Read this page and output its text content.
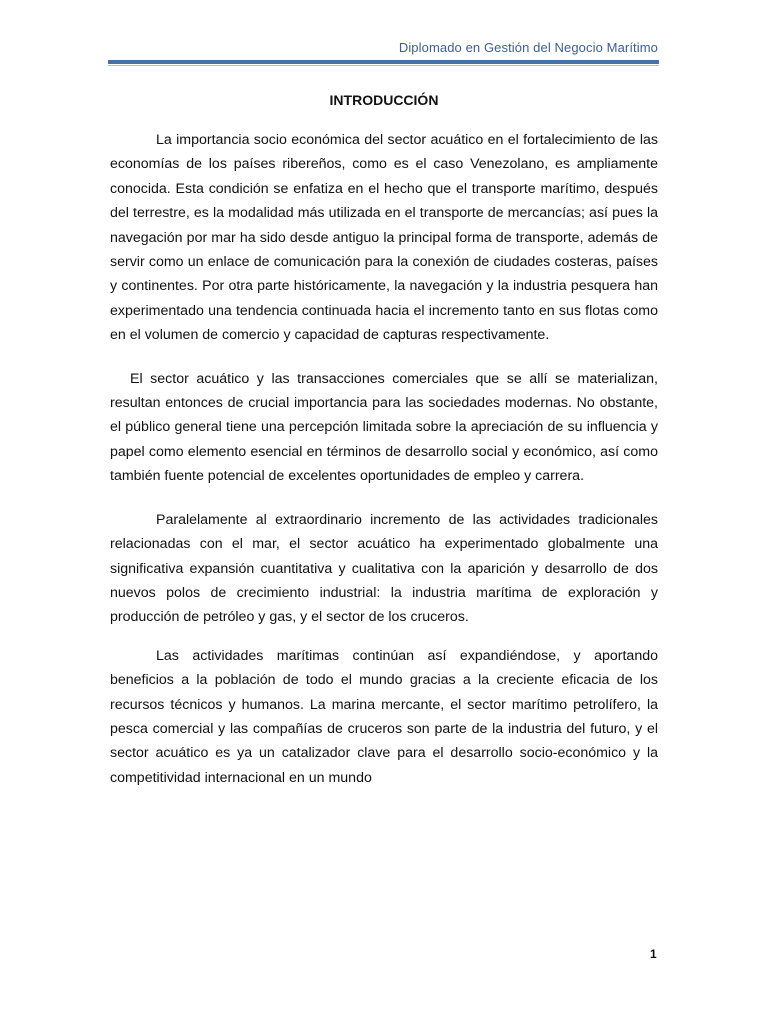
Diplomado en Gestión del Negocio Marítimo
INTRODUCCIÓN

La importancia socio económica del sector acuático en el fortalecimiento de las economías de los países ribereños, como es el caso Venezolano, es ampliamente conocida. Esta condición se enfatiza en el hecho que el transporte marítimo, después del terrestre, es la modalidad más utilizada en el transporte de mercancías; así pues la navegación por mar ha sido desde antiguo la principal forma de transporte, además de servir como un enlace de comunicación para la conexión de ciudades costeras, países y continentes. Por otra parte históricamente, la navegación y la industria pesquera han experimentado una tendencia continuada hacia el incremento tanto en sus flotas como en el volumen de comercio y capacidad de capturas respectivamente.

El sector acuático y las transacciones comerciales que se allí se materializan, resultan entonces de crucial importancia para las sociedades modernas. No obstante, el público general tiene una percepción limitada sobre la apreciación de su influencia y papel como elemento esencial en términos de desarrollo social y económico, así como también fuente potencial de excelentes oportunidades de empleo y carrera.

Paralelamente al extraordinario incremento de las actividades tradicionales relacionadas con el mar, el sector acuático ha experimentado globalmente una significativa expansión cuantitativa y cualitativa con la aparición y desarrollo de dos nuevos polos de crecimiento industrial: la industria marítima de exploración y producción de petróleo y gas, y el sector de los cruceros.

Las actividades marítimas continúan así expandiéndose, y aportando beneficios a la población de todo el mundo gracias a la creciente eficacia de los recursos técnicos y humanos. La marina mercante, el sector marítimo petrolífero, la pesca comercial y las compañías de cruceros son parte de la industria del futuro, y el sector acuático es ya un catalizador clave para el desarrollo socio-económico y la competitividad internacional en un mundo

1
